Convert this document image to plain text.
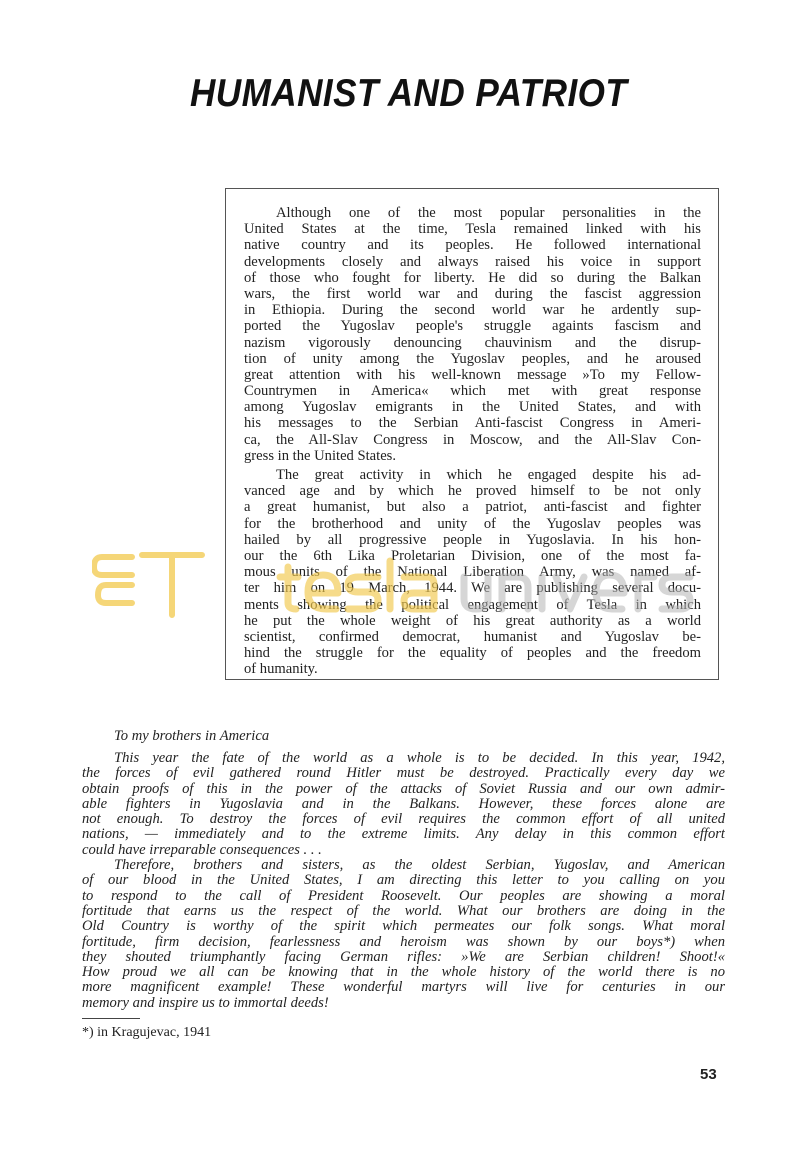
HUMANIST AND PATRIOT
Although one of the most popular personalities in the
United States at the time, Tesla remained linked with his
native country and its peoples. He followed international
developments closely and always raised his voice in support
of those who fought for liberty. He did so during the Balkan
wars, the first world war and during the fascist aggression
in Ethiopia. During the second world war he ardently sup-
ported the Yugoslav people's struggle againts fascism and
nazism vigorously denouncing chauvinism and the disrup-
tion of unity among the Yugoslav peoples, and he aroused
great attention with his well-known message »To my Fellow-
Countrymen in America« which met with great response
among Yugoslav emigrants in the United States, and with
his messages to the Serbian Anti-fascist Congress in Ameri-
ca, the All-Slav Congress in Moscow, and the All-Slav Con-
gress in the United States.
The great activity in which he engaged despite his ad-
vanced age and by which he proved himself to be not only
a great humanist, but also a patriot, anti-fascist and fighter
for the brotherhood and unity of the Yugoslav peoples was
hailed by all progressive people in Yugoslavia. In his hon-
our the 6th Lika Proletarian Division, one of the most fa-
mous units of the National Liberation Army, was named af-
ter him on 19 March, 1944. We are publishing several docu-
ments showing the political engagement of Tesla in which
he put the whole weight of his great authority as a world
scientist, confirmed democrat, humanist and Yugoslav be-
hind the struggle for the equality of peoples and the freedom
of humanity.
To my brothers in America
This year the fate of the world as a whole is to be decided. In this year, 1942,
the forces of evil gathered round Hitler must be destroyed. Practically every day we
obtain proofs of this in the power of the attacks of Soviet Russia and our own admir-
able fighters in Yugoslavia and in the Balkans. However, these forces alone are
not enough. To destroy the forces of evil requires the common effort of all united
nations, — immediately and to the extreme limits. Any delay in this common effort
could have irreparable consequences . . .
Therefore, brothers and sisters, as the oldest Serbian, Yugoslav, and American
of our blood in the United States, I am directing this letter to you calling on you
to respond to the call of President Roosevelt. Our peoples are showing a moral
fortitude that earns us the respect of the world. What our brothers are doing in the
Old Country is worthy of the spirit which permeates our folk songs. What moral
fortitude, firm decision, fearlessness and heroism was shown by our boys*) when
they shouted triumphantly facing German rifles: »We are Serbian children! Shoot!«
How proud we all can be knowing that in the whole history of the world there is no
more magnificent example! These wonderful martyrs will live for centuries in our
memory and inspire us to immortal deeds!
*) in Kragujevac, 1941
53
